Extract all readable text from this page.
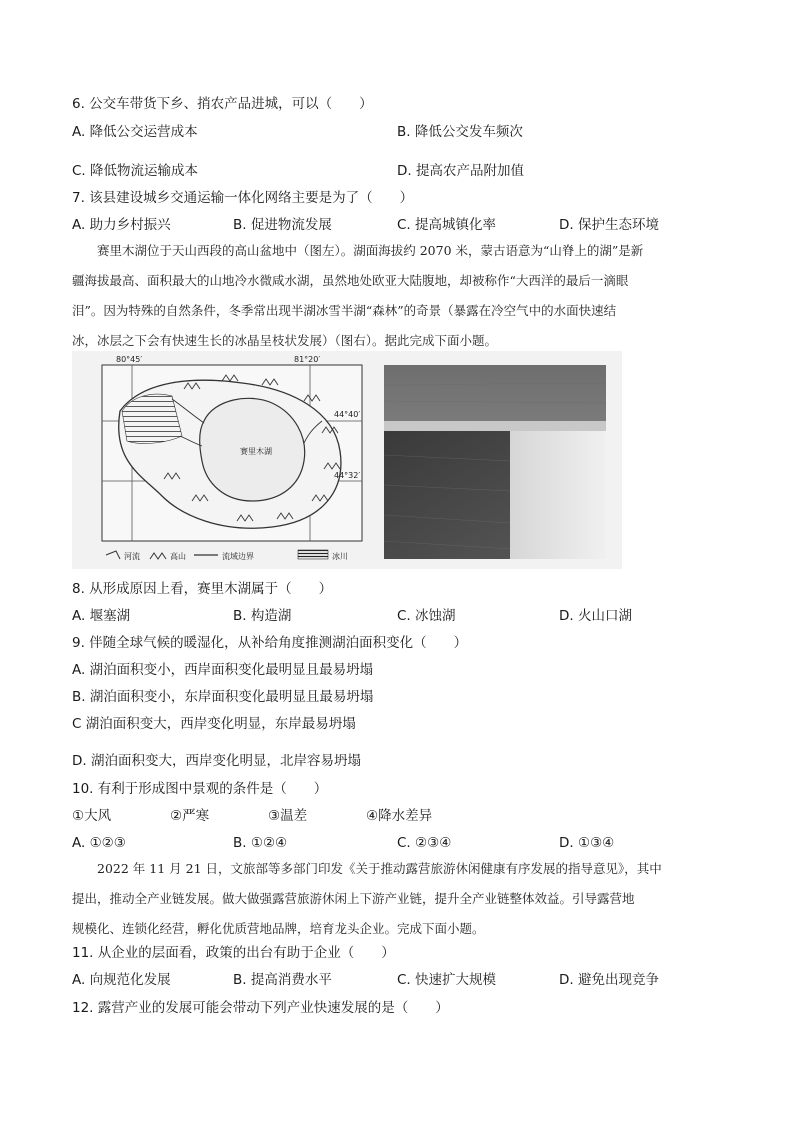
6. 公交车带货下乡、捎农产品进城，可以（　　）
A. 降低公交运营成本	B. 降低公交发车频次
C. 降低物流运输成本	D. 提高农产品附加值
7. 该县建设城乡交通运输一体化网络主要是为了（　　）
A. 助力乡村振兴	B. 促进物流发展	C. 提高城镇化率	D. 保护生态环境

　　赛里木湖位于天山西段的高山盆地中（图左）。湖面海拔约 2070 米，蒙古语意为“山脊上的湖”是新

疆海拔最高、面积最大的山地冷水微咸水湖，虽然地处欧亚大陆腹地，却被称作“大西洋的最后一滴眼

泪”。因为特殊的自然条件，冬季常出现半湖冰雪半湖“森林”的奇景（暴露在冷空气中的水面快速结

冰，冰层之下会有快速生长的冰晶呈枝状发展）（图右）。据此完成下面小题。

赛里木湖
80°45′	81°20′
44°40′
44°32′
河流	高山	流域边界	冰川
8. 从形成原因上看，赛里木湖属于（　　）
A. 堰塞湖	B. 构造湖	C. 冰蚀湖	D. 火山口湖
9. 伴随全球气候的暖湿化，从补给角度推测湖泊面积变化（　　）
A. 湖泊面积变小，西岸面积变化最明显且最易坍塌
B. 湖泊面积变小，东岸面积变化最明显且最易坍塌
C 湖泊面积变大，西岸变化明显，东岸最易坍塌
D. 湖泊面积变大，西岸变化明显，北岸容易坍塌
10. 有利于形成图中景观的条件是（　　）
①大风	②严寒	③温差	④降水差异
A. ①②③	B. ①②④	C. ②③④	D. ①③④

　　2022 年 11 月 21 日，文旅部等多部门印发《关于推动露营旅游休闲健康有序发展的指导意见》，其中

提出，推动全产业链发展。做大做强露营旅游休闲上下游产业链，提升全产业链整体效益。引导露营地

规模化、连锁化经营，孵化优质营地品牌，培育龙头企业。完成下面小题。

11. 从企业的层面看，政策的出台有助于企业（　　）
A. 向规范化发展	B. 提高消费水平	C. 快速扩大规模	D. 避免出现竞争
12. 露营产业的发展可能会带动下列产业快速发展的是（　　）
